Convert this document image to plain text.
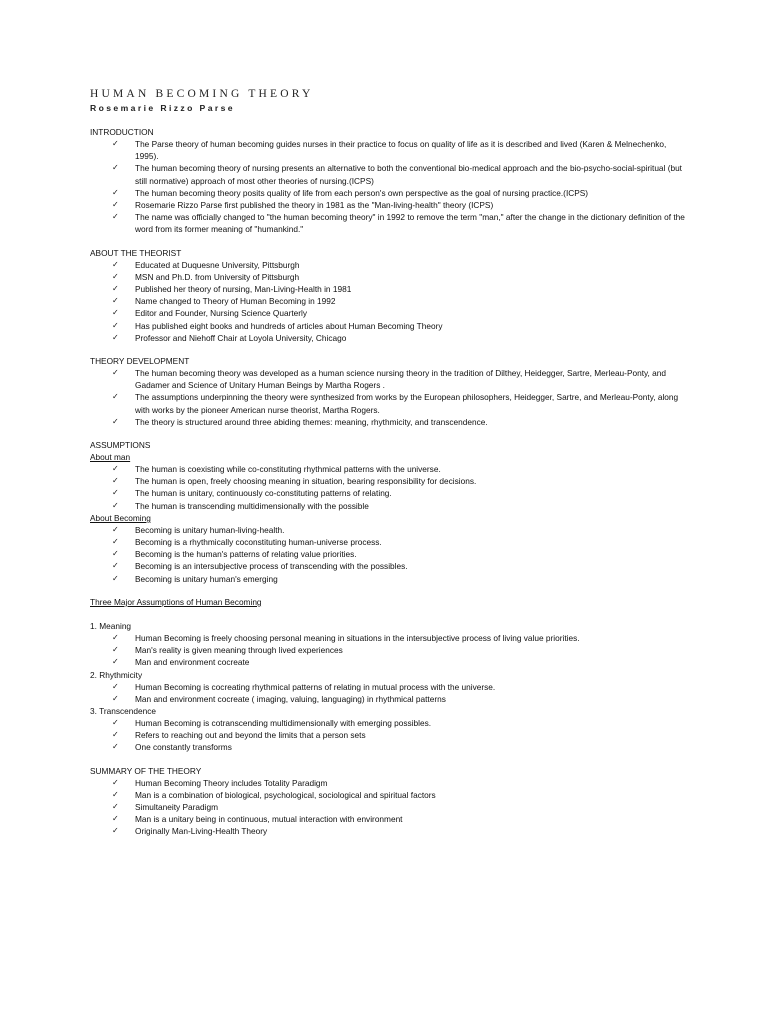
HUMAN BECOMING THEORY
Rosemarie Rizzo Parse
INTRODUCTION
✓ The Parse theory of human becoming guides nurses in their practice to focus on quality of life as it is described and lived (Karen & Melnechenko, 1995).
✓ The human becoming theory of nursing presents an alternative to both the conventional bio-medical approach and the bio-psycho-social-spiritual (but still normative) approach of most other theories of nursing.(ICPS)
✓ The human becoming theory posits quality of life from each person's own perspective as the goal of nursing practice.(ICPS)
✓ Rosemarie Rizzo Parse first published the theory in 1981 as the "Man-living-health" theory (ICPS)
✓ The name was officially changed to "the human becoming theory" in 1992 to remove the term "man," after the change in the dictionary definition of the word from its former meaning of "humankind."
ABOUT THE THEORIST
✓ Educated at Duquesne University, Pittsburgh
✓ MSN and Ph.D. from University of Pittsburgh
✓ Published her theory of nursing, Man-Living-Health in 1981
✓ Name changed to Theory of Human Becoming in 1992
✓ Editor and Founder, Nursing Science Quarterly
✓ Has published eight books and hundreds of articles about Human Becoming Theory
✓ Professor and Niehoff Chair at Loyola University, Chicago
THEORY DEVELOPMENT
✓ The human becoming theory was developed as a human science nursing theory in the tradition of Dilthey, Heidegger, Sartre, Merleau-Ponty, and Gadamer and Science of Unitary Human Beings by Martha Rogers .
✓ The assumptions underpinning the theory were synthesized from works by the European philosophers, Heidegger, Sartre, and Merleau-Ponty, along with works by the pioneer American nurse theorist, Martha Rogers.
✓ The theory is structured around three abiding themes: meaning, rhythmicity, and transcendence.
ASSUMPTIONS
About man
✓ The human is coexisting while co-constituting rhythmical patterns with the universe.
✓ The human is open, freely choosing meaning in situation, bearing responsibility for decisions.
✓ The human is unitary, continuously co-constituting patterns of relating.
✓ The human is transcending multidimensionally with the possible
About Becoming
✓ Becoming is unitary human-living-health.
✓ Becoming is a rhythmically coconstituting human-universe process.
✓ Becoming is the human's patterns of relating value priorities.
✓ Becoming is an intersubjective process of transcending with the possibles.
✓ Becoming is unitary human's emerging
Three Major Assumptions of Human Becoming
1. Meaning
✓ Human Becoming is freely choosing personal meaning in situations in the intersubjective process of living value priorities.
✓ Man's reality is given meaning through lived experiences
✓ Man and environment cocreate
2. Rhythmicity
✓ Human Becoming is cocreating rhythmical patterns of relating in mutual process with the universe.
✓ Man and environment cocreate ( imaging, valuing, languaging) in rhythmical patterns
3. Transcendence
✓ Human Becoming is cotranscending multidimensionally with emerging possibles.
✓ Refers to reaching out and beyond the limits that a person sets
✓ One constantly transforms
SUMMARY OF THE THEORY
✓ Human Becoming Theory includes Totality Paradigm
✓ Man is a combination of biological, psychological, sociological and spiritual factors
✓ Simultaneity Paradigm
✓ Man is a unitary being in continuous, mutual interaction with environment
✓ Originally Man-Living-Health Theory
